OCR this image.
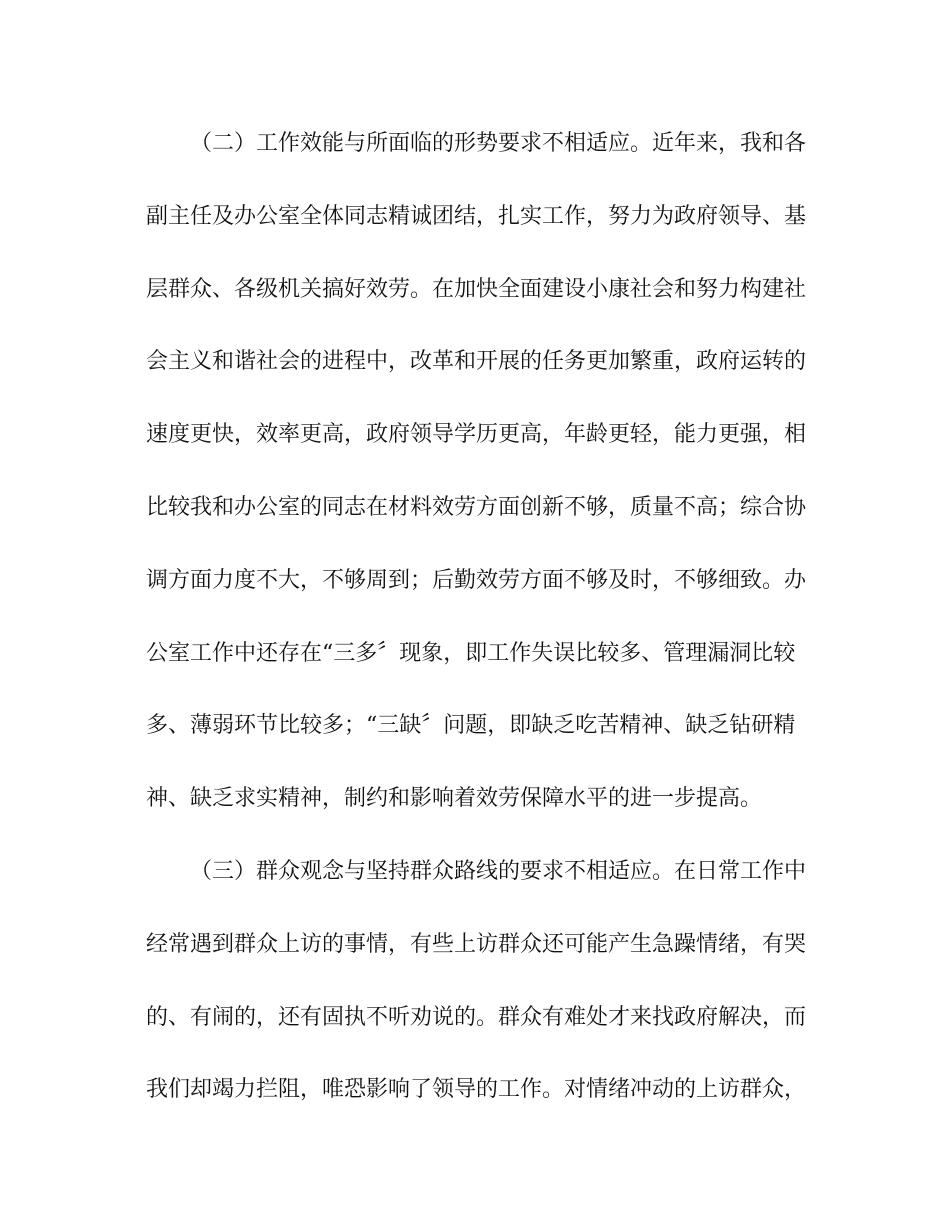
（二）工作效能与所面临的形势要求不相适应。近年来，我和各
副主任及办公室全体同志精诚团结，扎实工作，努力为政府领导、基
层群众、各级机关搞好效劳。在加快全面建设小康社会和努力构建社
会主义和谐社会的进程中，改革和开展的任务更加繁重，政府运转的
速度更快，效率更高，政府领导学历更高，年龄更轻，能力更强，相
比较我和办公室的同志在材料效劳方面创新不够，质量不高；综合协
调方面力度不大，不够周到；后勤效劳方面不够及时，不够细致。办
公室工作中还存在“三多〞现象，即工作失误比较多、管理漏洞比较
多、薄弱环节比较多；“三缺〞问题，即缺乏吃苦精神、缺乏钻研精
神、缺乏求实精神，制约和影响着效劳保障水平的进一步提高。
（三）群众观念与坚持群众路线的要求不相适应。在日常工作中
经常遇到群众上访的事情，有些上访群众还可能产生急躁情绪，有哭
的、有闹的，还有固执不听劝说的。群众有难处才来找政府解决，而
我们却竭力拦阻，唯恐影响了领导的工作。对情绪冲动的上访群众，
